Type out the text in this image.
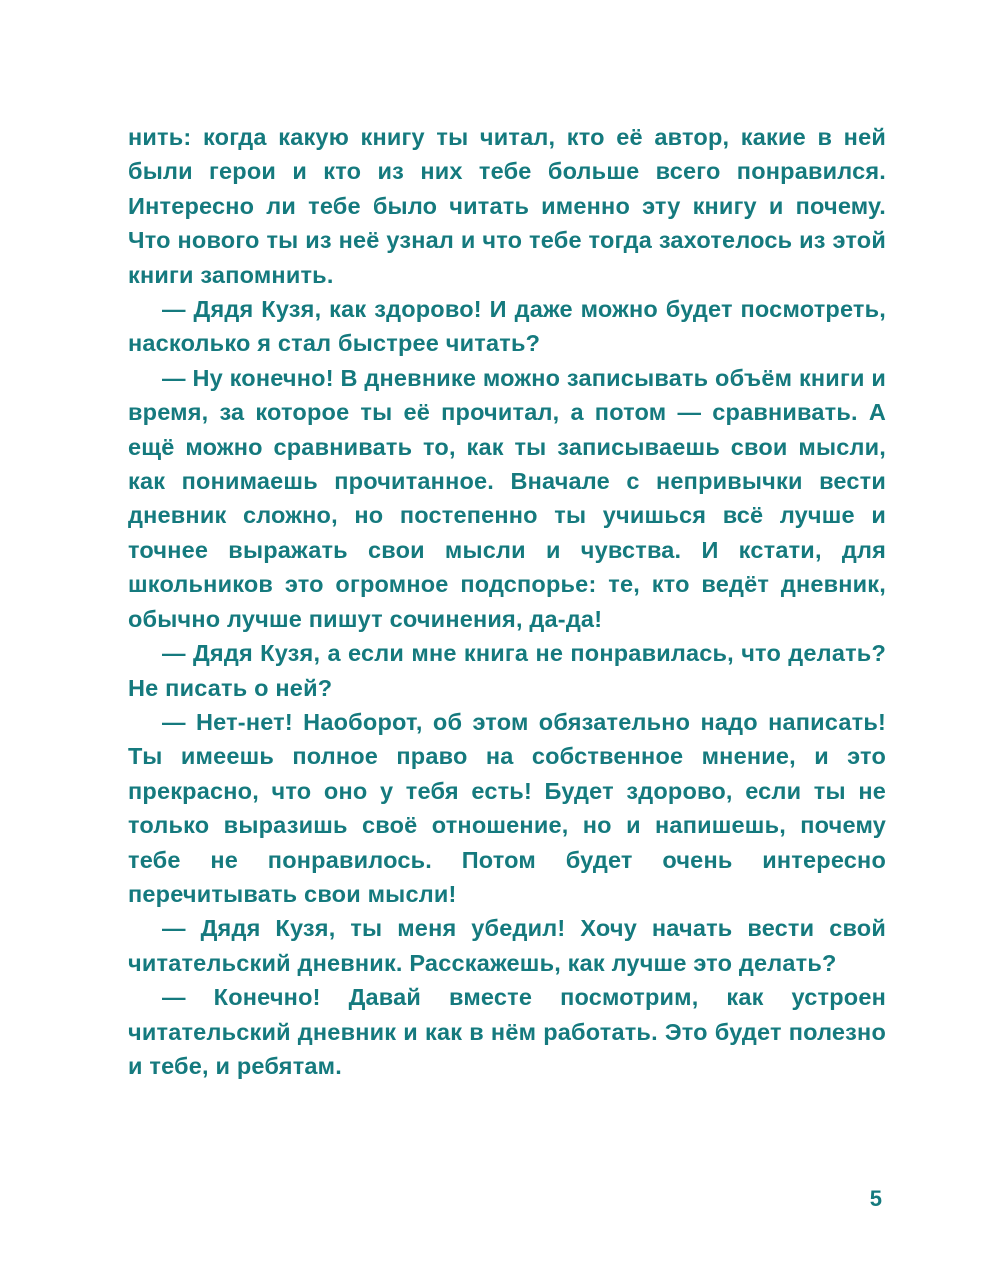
нить: когда какую книгу ты читал, кто её автор, какие в ней были герои и кто из них тебе больше всего понравился. Интересно ли тебе было читать именно эту книгу и почему. Что нового ты из неё узнал и что тебе тогда захотелось из этой книги запомнить.

— Дядя Кузя, как здорово! И даже можно будет посмотреть, насколько я стал быстрее читать?

— Ну конечно! В дневнике можно записывать объём книги и время, за которое ты её прочитал, а потом — сравнивать. А ещё можно сравнивать то, как ты записываешь свои мысли, как понимаешь прочитанное. Вначале с непривычки вести дневник сложно, но постепенно ты учишься всё лучше и точнее выражать свои мысли и чувства. И кстати, для школьников это огромное подспорье: те, кто ведёт дневник, обычно лучше пишут сочинения, да-да!

— Дядя Кузя, а если мне книга не понравилась, что делать? Не писать о ней?

— Нет-нет! Наоборот, об этом обязательно надо написать! Ты имеешь полное право на собственное мнение, и это прекрасно, что оно у тебя есть! Будет здорово, если ты не только выразишь своё отношение, но и напишешь, почему тебе не понравилось. Потом будет очень интересно перечитывать свои мысли!

— Дядя Кузя, ты меня убедил! Хочу начать вести свой читательский дневник. Расскажешь, как лучше это делать?

— Конечно! Давай вместе посмотрим, как устроен читательский дневник и как в нём работать. Это будет полезно и тебе, и ребятам.

5
